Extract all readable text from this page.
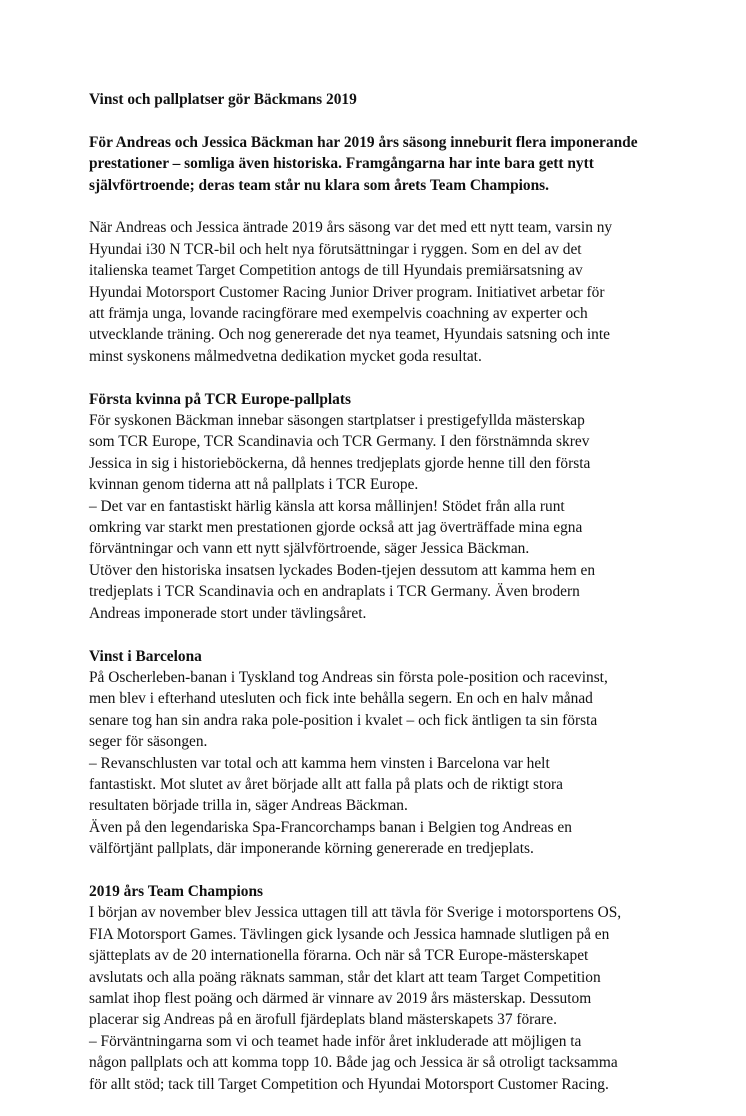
Vinst och pallplatser gör Bäckmans 2019
För Andreas och Jessica Bäckman har 2019 års säsong inneburit flera imponerande
prestationer – somliga även historiska. Framgångarna har inte bara gett nytt
självförtroende; deras team står nu klara som årets Team Champions.
När Andreas och Jessica äntrade 2019 års säsong var det med ett nytt team, varsin ny
Hyundai i30 N TCR-bil och helt nya förutsättningar i ryggen. Som en del av det
italienska teamet Target Competition antogs de till Hyundais premiärsatsning av
Hyundai Motorsport Customer Racing Junior Driver program. Initiativet arbetar för
att främja unga, lovande racingförare med exempelvis coachning av experter och
utvecklande träning. Och nog genererade det nya teamet, Hyundais satsning och inte
minst syskonens målmedvetna dedikation mycket goda resultat.
Första kvinna på TCR Europe-pallplats

För syskonen Bäckman innebar säsongen startplatser i prestigefyllda mästerskap
som TCR Europe, TCR Scandinavia och TCR Germany. I den förstnämnda skrev
Jessica in sig i historieböckerna, då hennes tredjeplats gjorde henne till den första
kvinnan genom tiderna att nå pallplats i TCR Europe.
– Det var en fantastiskt härlig känsla att korsa mållinjen! Stödet från alla runt
omkring var starkt men prestationen gjorde också att jag överträffade mina egna
förväntningar och vann ett nytt självförtroende, säger Jessica Bäckman.
Utöver den historiska insatsen lyckades Boden-tjejen dessutom att kamma hem en
tredjeplats i TCR Scandinavia och en andraplats i TCR Germany. Även brodern
Andreas imponerade stort under tävlingsåret.

Vinst i Barcelona

På Oscherleben-banan i Tyskland tog Andreas sin första pole-position och racevinst,
men blev i efterhand utesluten och fick inte behålla segern. En och en halv månad
senare tog han sin andra raka pole-position i kvalet – och fick äntligen ta sin första
seger för säsongen.
– Revanschlusten var total och att kamma hem vinsten i Barcelona var helt
fantastiskt. Mot slutet av året började allt att falla på plats och de riktigt stora
resultaten började trilla in, säger Andreas Bäckman.
Även på den legendariska Spa-Francorchamps banan i Belgien tog Andreas en
välförtjänt pallplats, där imponerande körning genererade en tredjeplats.

2019 års Team Champions

I början av november blev Jessica uttagen till att tävla för Sverige i motorsportens OS,
FIA Motorsport Games. Tävlingen gick lysande och Jessica hamnade slutligen på en
sjätteplats av de 20 internationella förarna. Och när så TCR Europe-mästerskapet
avslutats och alla poäng räknats samman, står det klart att team Target Competition
samlat ihop flest poäng och därmed är vinnare av 2019 års mästerskap. Dessutom
placerar sig Andreas på en ärofull fjärdeplats bland mästerskapets 37 förare.
– Förväntningarna som vi och teamet hade inför året inkluderade att möjligen ta
någon pallplats och att komma topp 10. Både jag och Jessica är så otroligt tacksamma
för allt stöd; tack till Target Competition och Hyundai Motorsport Customer Racing.
